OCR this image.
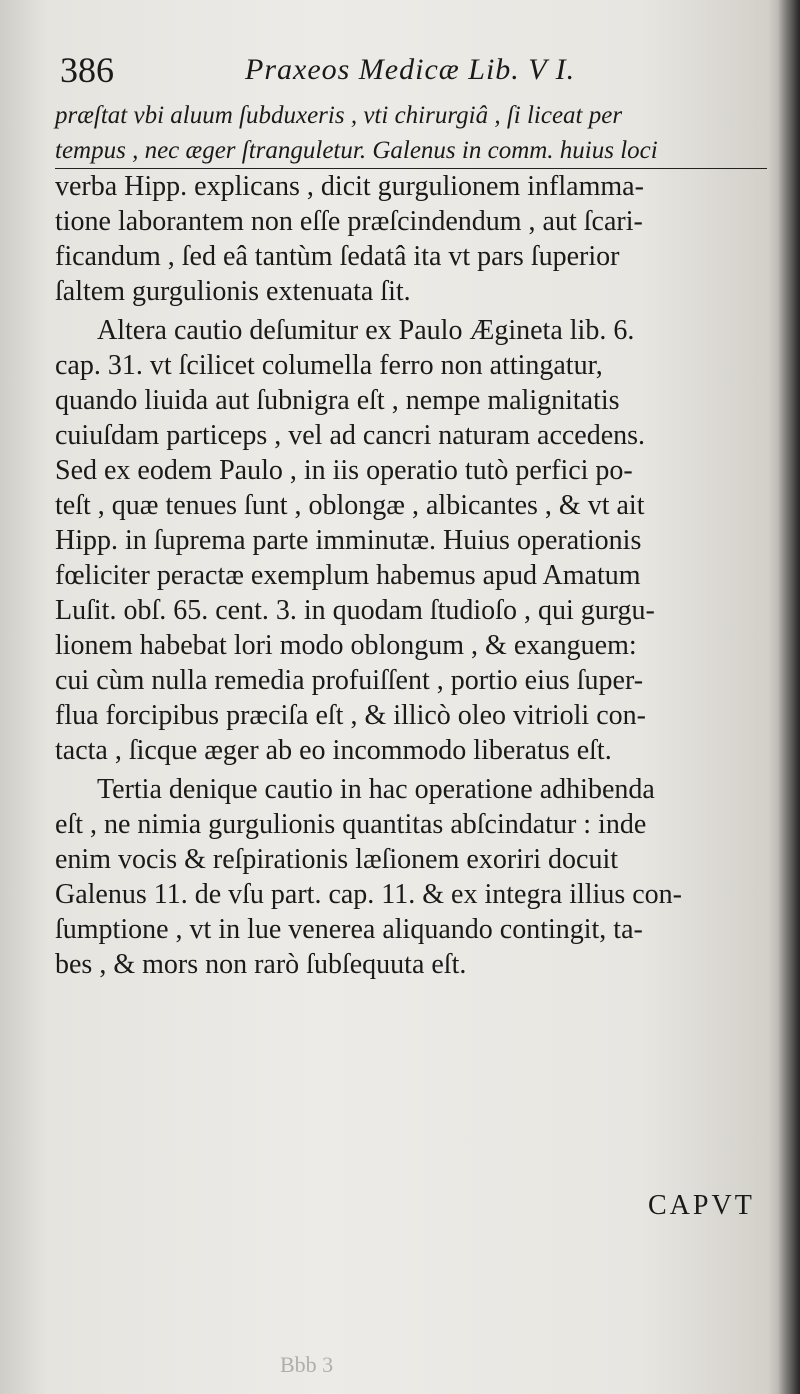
386	Praxeos Medicæ Lib. V I.
præſtat vbi aluum ſubduxeris , vti chirurgiâ , ſi liceat per
tempus , nec æger ſtranguletur. Galenus in comm. huius loci
verba Hipp. explicans , dicit gurgulionem inflamma-
tione laborantem non eſſe præſcindendum , aut ſcari-
ficandum , ſed eâ tantùm ſedatâ ita vt pars ſuperior
ſaltem gurgulionis extenuata ſit.
Altera cautio deſumitur ex Paulo Ægineta lib. 6.
cap. 31. vt ſcilicet columella ferro non attingatur,
quando liuida aut ſubnigra eſt , nempe malignitatis
cuiuſdam particeps , vel ad cancri naturam accedens.
Sed ex eodem Paulo , in iis operatio tutò perfici po-
teſt , quæ tenues ſunt , oblongæ , albicantes , & vt ait
Hipp. in ſuprema parte imminutæ. Huius operationis
fœliciter peractæ exemplum habemus apud Amatum
Luſit. obſ. 65. cent. 3. in quodam ſtudioſo , qui gurgu-
lionem habebat lori modo oblongum , & exanguem:
cui cùm nulla remedia profuiſſent , portio eius ſuper-
flua forcipibus præciſa eſt , & illicò oleo vitrioli con-
tacta , ſicque æger ab eo incommodo liberatus eſt.
Tertia denique cautio in hac operatione adhibenda
eſt , ne nimia gurgulionis quantitas abſcindatur : inde
enim vocis & reſpirationis læſionem exoriri docuit
Galenus 11. de vſu part. cap. 11. & ex integra illius con-
ſumptione , vt in lue venerea aliquando contingit, ta-
bes , & mors non rarò ſubſequuta eſt.
CAPVT
Bbb 3
